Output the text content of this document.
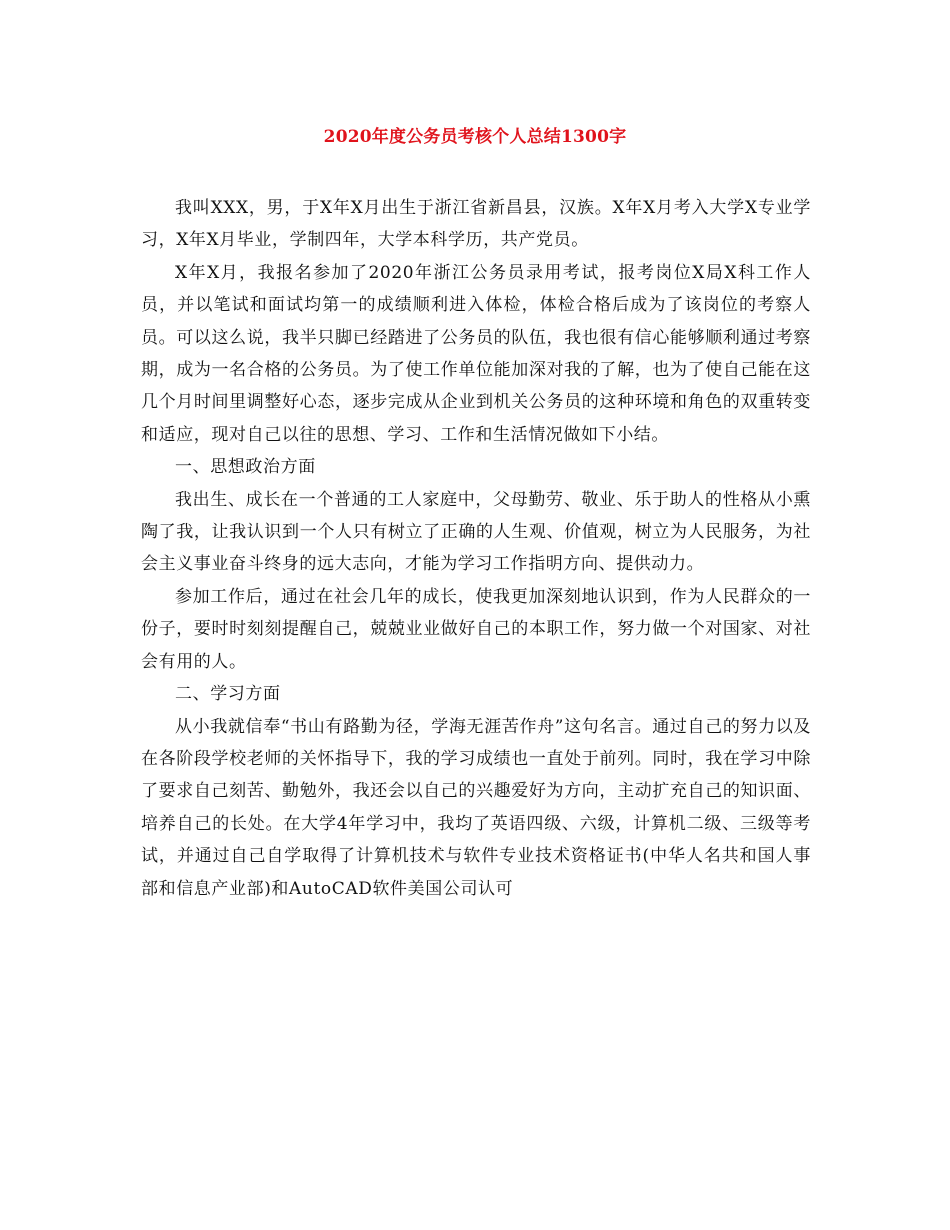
2020年度公务员考核个人总结1300字

我叫XXX，男，于X年X月出生于浙江省新昌县，汉族。X年X月考入大学X专业学习，X年X月毕业，学制四年，大学本科学历，共产党员。

X年X月，我报名参加了2020年浙江公务员录用考试，报考岗位X局X科工作人员，并以笔试和面试均第一的成绩顺利进入体检，体检合格后成为了该岗位的考察人员。可以这么说，我半只脚已经踏进了公务员的队伍，我也很有信心能够顺利通过考察期，成为一名合格的公务员。为了使工作单位能加深对我的了解，也为了使自己能在这几个月时间里调整好心态，逐步完成从企业到机关公务员的这种环境和角色的双重转变和适应，现对自己以往的思想、学习、工作和生活情况做如下小结。

一、思想政治方面

我出生、成长在一个普通的工人家庭中，父母勤劳、敬业、乐于助人的性格从小熏陶了我，让我认识到一个人只有树立了正确的人生观、价值观，树立为人民服务，为社会主义事业奋斗终身的远大志向，才能为学习工作指明方向、提供动力。

参加工作后，通过在社会几年的成长，使我更加深刻地认识到，作为人民群众的一份子，要时时刻刻提醒自己，兢兢业业做好自己的本职工作，努力做一个对国家、对社会有用的人。

二、学习方面

从小我就信奉“书山有路勤为径，学海无涯苦作舟”这句名言。通过自己的努力以及在各阶段学校老师的关怀指导下，我的学习成绩也一直处于前列。同时，我在学习中除了要求自己刻苦、勤勉外，我还会以自己的兴趣爱好为方向，主动扩充自己的知识面、培养自己的长处。在大学4年学习中，我均了英语四级、六级，计算机二级、三级等考试，并通过自己自学取得了计算机技术与软件专业技术资格证书(中华人名共和国人事部和信息产业部)和AutoCAD软件美国公司认可
